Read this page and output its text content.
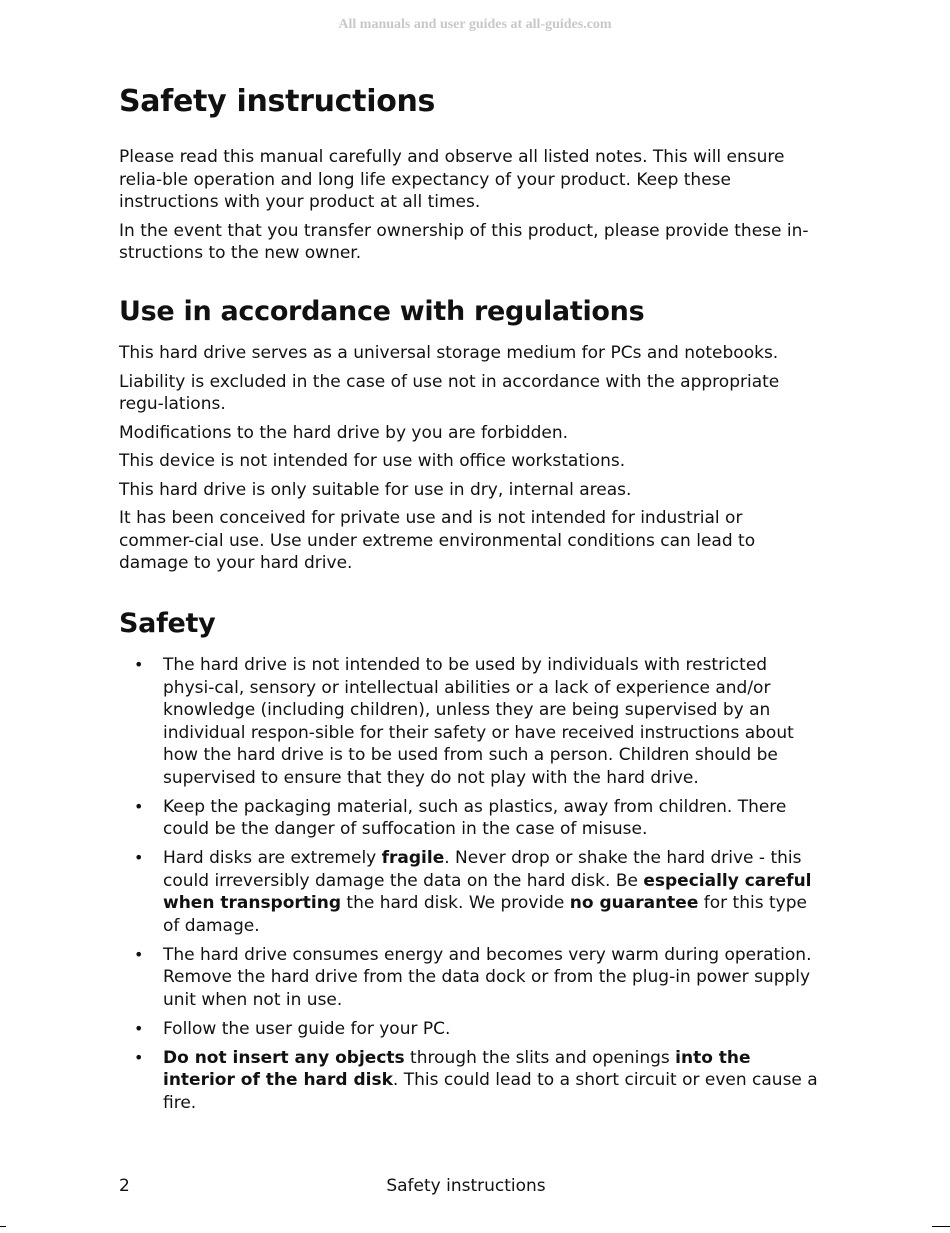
All manuals and user guides at all-guides.com
Safety instructions

Please read this manual carefully and observe all listed notes. This will ensure relia-ble operation and long life expectancy of your product. Keep these instructions with your product at all times.

In the event that you transfer ownership of this product, please provide these in-structions to the new owner.

Use in accordance with regulations

This hard drive serves as a universal storage medium for PCs and notebooks.

Liability is excluded in the case of use not in accordance with the appropriate regu-lations.

Modifications to the hard drive by you are forbidden.

This device is not intended for use with office workstations.

This hard drive is only suitable for use in dry, internal areas.

It has been conceived for private use and is not intended for industrial or commer-cial use. Use under extreme environmental conditions can lead to damage to your hard drive.

Safety
• The hard drive is not intended to be used by individuals with restricted physi-cal, sensory or intellectual abilities or a lack of experience and/or knowledge (including children), unless they are being supervised by an individual respon-sible for their safety or have received instructions about how the hard drive is to be used from such a person. Children should be supervised to ensure that they do not play with the hard drive.
• Keep the packaging material, such as plastics, away from children. There could be the danger of suffocation in the case of misuse.
• Hard disks are extremely fragile. Never drop or shake the hard drive - this could irreversibly damage the data on the hard disk. Be especially careful when transporting the hard disk. We provide no guarantee for this type of damage.
• The hard drive consumes energy and becomes very warm during operation. Remove the hard drive from the data dock or from the plug-in power supply unit when not in use.
• Follow the user guide for your PC.
• Do not insert any objects through the slits and openings into the interior of the hard disk. This could lead to a short circuit or even cause a fire.
2	Safety instructions
